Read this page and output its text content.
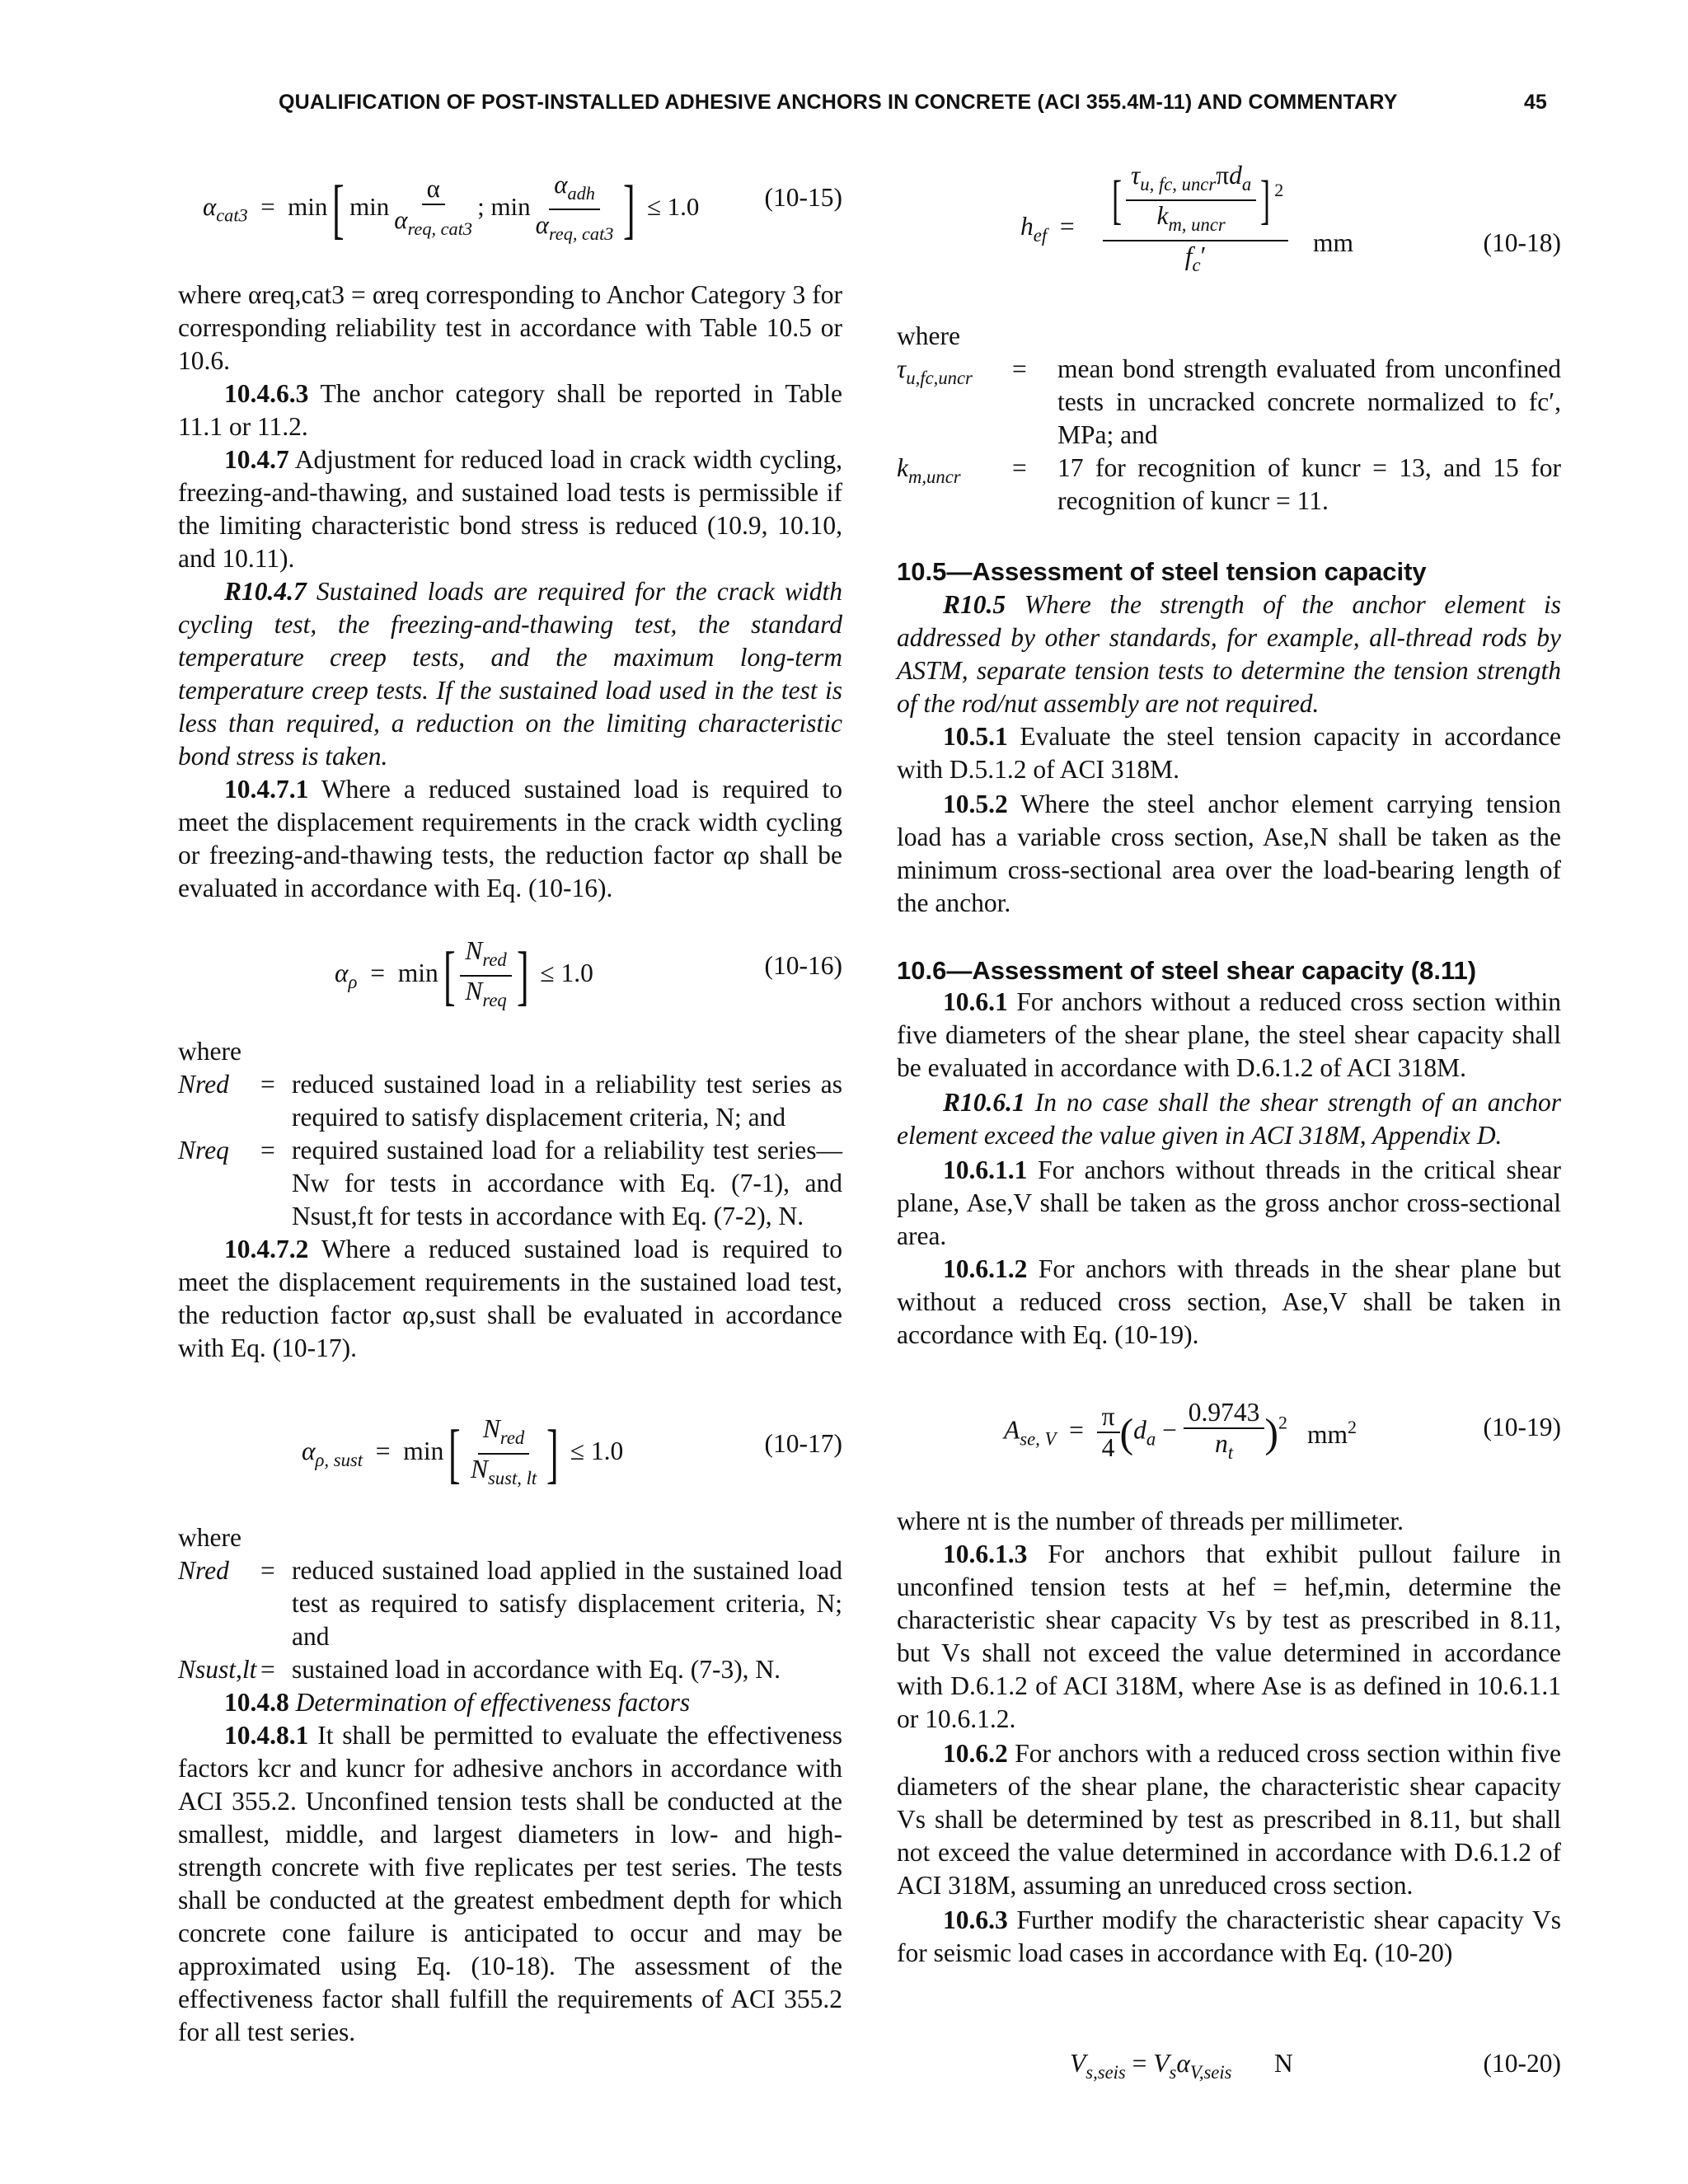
QUALIFICATION OF POST-INSTALLED ADHESIVE ANCHORS IN CONCRETE (ACI 355.4M-11) AND COMMENTARY	45
$\alpha_{cat3} = \min$[ $\min \frac{\alpha}{\alpha_{req, cat3}}$ ; $\min \frac{\alpha_{adh}}{\alpha_{req, cat3}}$ ] ≤ 1.0	(10-15)

where αreq,cat3 = αreq corresponding to Anchor Category 3 for corresponding reliability test in accordance with Table 10.5 or 10.6.

10.4.6.3 The anchor category shall be reported in Table 11.1 or 11.2.

10.4.7 Adjustment for reduced load in crack width cycling, freezing-and-thawing, and sustained load tests is permissible if the limiting characteristic bond stress is reduced (10.9, 10.10, and 10.11).

R10.4.7 Sustained loads are required for the crack width cycling test, the freezing-and-thawing test, the standard temperature creep tests, and the maximum long-term temperature creep tests. If the sustained load used in the test is less than required, a reduction on the limiting characteristic bond stress is taken.

10.4.7.1 Where a reduced sustained load is required to meet the displacement requirements in the crack width cycling or freezing-and-thawing tests, the reduction factor αρ shall be evaluated in accordance with Eq. (10-16).

$\alpha_\rho = \min[ \frac{N_{red}}{N_{req}}$ ] ≤ 1.0	(10-16)
where
Nred = reduced sustained load in a reliability test series as required to satisfy displacement criteria, N; and
Nreq = required sustained load for a reliability test series—Nw for tests in accordance with Eq. (7-1), and Nsust,ft for tests in accordance with Eq. (7-2), N.

10.4.7.2 Where a reduced sustained load is required to meet the displacement requirements in the sustained load test, the reduction factor αρ,sust shall be evaluated in accordance with Eq. (10-17).

$\alpha_{\rho, sust} = \min[ \frac{N_{red}}{N_{sust, lt}}$ ] ≤ 1.0	(10-17)
where
Nred = reduced sustained load applied in the sustained load test as required to satisfy displacement criteria, N; and
Nsust,lt = sustained load in accordance with Eq. (7-3), N.

10.4.8 Determination of effectiveness factors

10.4.8.1 It shall be permitted to evaluate the effectiveness factors kcr and kuncr for adhesive anchors in accordance with ACI 355.2. Unconfined tension tests shall be conducted at the smallest, middle, and largest diameters in low- and high-strength concrete with five replicates per test series. The tests shall be conducted at the greatest embedment depth for which concrete cone failure is anticipated to occur and may be approximated using Eq. (10-18). The assessment of the effectiveness factor shall fulfill the requirements of ACI 355.2 for all test series.

$h_{ef} = \frac{[ \frac{\tau_{u, fc, uncr}\pi d_a}{k_{m, uncr}} ] ^2}{f_c'}$ mm	(10-18)
where
$\tau_{u,fc,uncr}$ = mean bond strength evaluated from unconfined tests in uncracked concrete normalized to fc′, MPa; and
$k_{m,uncr} = 17$ for recognition of kuncr = 13, and 15 for recognition of kuncr = 11.
10.5—Assessment of steel tension capacity

R10.5 Where the strength of the anchor element is addressed by other standards, for example, all-thread rods by ASTM, separate tension tests to determine the tension strength of the rod/nut assembly are not required.

10.5.1 Evaluate the steel tension capacity in accordance with D.5.1.2 of ACI 318M.

10.5.2 Where the steel anchor element carrying tension load has a variable cross section, Ase,N shall be taken as the minimum cross-sectional area over the load-bearing length of the anchor.

10.6—Assessment of steel shear capacity (8.11)

10.6.1 For anchors without a reduced cross section within five diameters of the shear plane, the steel shear capacity shall be evaluated in accordance with D.6.1.2 of ACI 318M.

R10.6.1 In no case shall the shear strength of an anchor element exceed the value given in ACI 318M, Appendix D.

10.6.1.1 For anchors without threads in the critical shear plane, Ase,V shall be taken as the gross anchor cross-sectional area.

10.6.1.2 For anchors with threads in the shear plane but without a reduced cross section, Ase,V shall be taken in accordance with Eq. (10-19).

$A_{se, V} = \frac{\pi}{4} (d_a - \frac{0.9743}{n_t} )^2$ $mm^2$	(10-19)

where nt is the number of threads per millimeter.

10.6.1.3 For anchors that exhibit pullout failure in unconfined tension tests at hef = hef,min, determine the characteristic shear capacity Vs by test as prescribed in 8.11, but Vs shall not exceed the value determined in accordance with D.6.1.2 of ACI 318M, where Ase is as defined in 10.6.1.1 or 10.6.1.2.

10.6.2 For anchors with a reduced cross section within five diameters of the shear plane, the characteristic shear capacity Vs shall be determined by test as prescribed in 8.11, but shall not exceed the value determined in accordance with D.6.1.2 of ACI 318M, assuming an unreduced cross section.

10.6.3 Further modify the characteristic shear capacity Vs for seismic load cases in accordance with Eq. (10-20)

$V_{s,seis} = V_s\alpha_{V,seis}$ N	(10-20)
